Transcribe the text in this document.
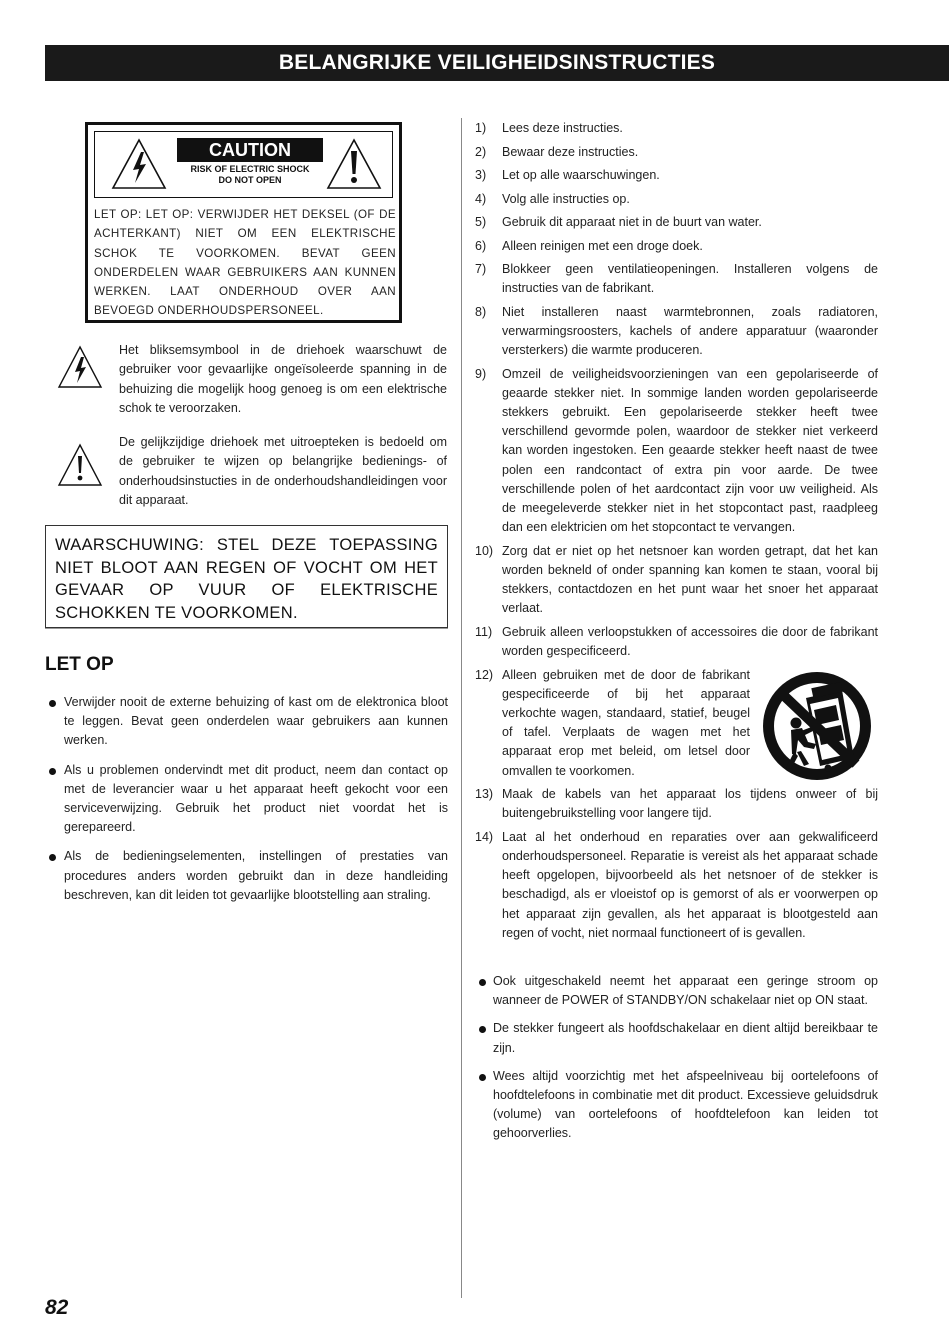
BELANGRIJKE VEILIGHEIDSINSTRUCTIES
CAUTION
RISK OF ELECTRIC SHOCK
DO NOT OPEN
LET OP: LET OP: VERWIJDER HET DEKSEL (OF DE ACHTERKANT) NIET OM EEN ELEKTRISCHE SCHOK TE VOORKOMEN. BEVAT GEEN ONDERDELEN WAAR GEBRUIKERS AAN KUNNEN WERKEN. LAAT ONDERHOUD OVER AAN BEVOEGD ONDERHOUDSPERSONEEL.
Het bliksemsymbool in de driehoek waarschuwt de gebruiker voor gevaarlijke ongeïsoleerde spanning in de behuizing die mogelijk hoog genoeg is om een elektrische schok te veroorzaken.
De gelijkzijdige driehoek met uitroepteken is bedoeld om de gebruiker te wijzen op belangrijke bedienings- of onderhoudsinstucties in de onderhoudshandleidingen voor dit apparaat.
WAARSCHUWING: STEL DEZE TOEPASSING NIET BLOOT AAN REGEN OF VOCHT OM HET GEVAAR OP VUUR OF ELEKTRISCHE SCHOKKEN TE VOORKOMEN.
LET OP
Verwijder nooit de externe behuizing of kast om de elektronica bloot te leggen. Bevat geen onderdelen waar gebruikers aan kunnen werken.
Als u problemen ondervindt met dit product, neem dan contact op met de leverancier waar u het apparaat heeft gekocht voor een serviceverwijzing. Gebruik het product niet voordat het is gerepareerd.
Als de bedieningselementen, instellingen of prestaties van procedures anders worden gebruikt dan in deze handleiding beschreven, kan dit leiden tot gevaarlijke blootstelling aan straling.
1) Lees deze instructies.
2) Bewaar deze instructies.
3) Let op alle waarschuwingen.
4) Volg alle instructies op.
5) Gebruik dit apparaat niet in de buurt van water.
6) Alleen reinigen met een droge doek.
7) Blokkeer geen ventilatieopeningen. Installeren volgens de instructies van de fabrikant.
8) Niet installeren naast warmtebronnen, zoals radiatoren, verwarmingsroosters, kachels of andere apparatuur (waaronder versterkers) die warmte produceren.
9) Omzeil de veiligheidsvoorzieningen van een gepolariseerde of geaarde stekker niet. In sommige landen worden gepolariseerde stekkers gebruikt. Een gepolariseerde stekker heeft twee verschillend gevormde polen, waardoor de stekker niet verkeerd kan worden ingestoken. Een geaarde stekker heeft naast de twee polen een randcontact of extra pin voor aarde. De twee verschillende polen of het aardcontact zijn voor uw veiligheid. Als de meegeleverde stekker niet in het stopcontact past, raadpleeg dan een elektricien om het stopcontact te vervangen.
10) Zorg dat er niet op het netsnoer kan worden getrapt, dat het kan worden bekneld of onder spanning kan komen te staan, vooral bij stekkers, contactdozen en het punt waar het snoer het apparaat verlaat.
11) Gebruik alleen verloopstukken of accessoires die door de fabrikant worden gespecificeerd.
12) Alleen gebruiken met de door de fabrikant gespecificeerde of bij het apparaat verkochte wagen, standaard, statief, beugel of tafel. Verplaats de wagen met het apparaat erop met beleid, om letsel door omvallen te voorkomen.
13) Maak de kabels van het apparaat los tijdens onweer of bij buitengebruikstelling voor langere tijd.
14) Laat al het onderhoud en reparaties over aan gekwalificeerd onderhoudspersoneel. Reparatie is vereist als het apparaat schade heeft opgelopen, bijvoorbeeld als het netsnoer of de stekker is beschadigd, als er vloeistof op is gemorst of als er voorwerpen op het apparaat zijn gevallen, als het apparaat is blootgesteld aan regen of vocht, niet normaal functioneert of is gevallen.
Ook uitgeschakeld neemt het apparaat een geringe stroom op wanneer de POWER of STANDBY/ON schakelaar niet op ON staat.
De stekker fungeert als hoofdschakelaar en dient altijd bereikbaar te zijn.
Wees altijd voorzichtig met het afspeelniveau bij oortelefoons of hoofdtelefoons in combinatie met dit product. Excessieve geluidsdruk (volume) van oortelefoons of hoofdtelefoon kan leiden tot gehoorverlies.
82
